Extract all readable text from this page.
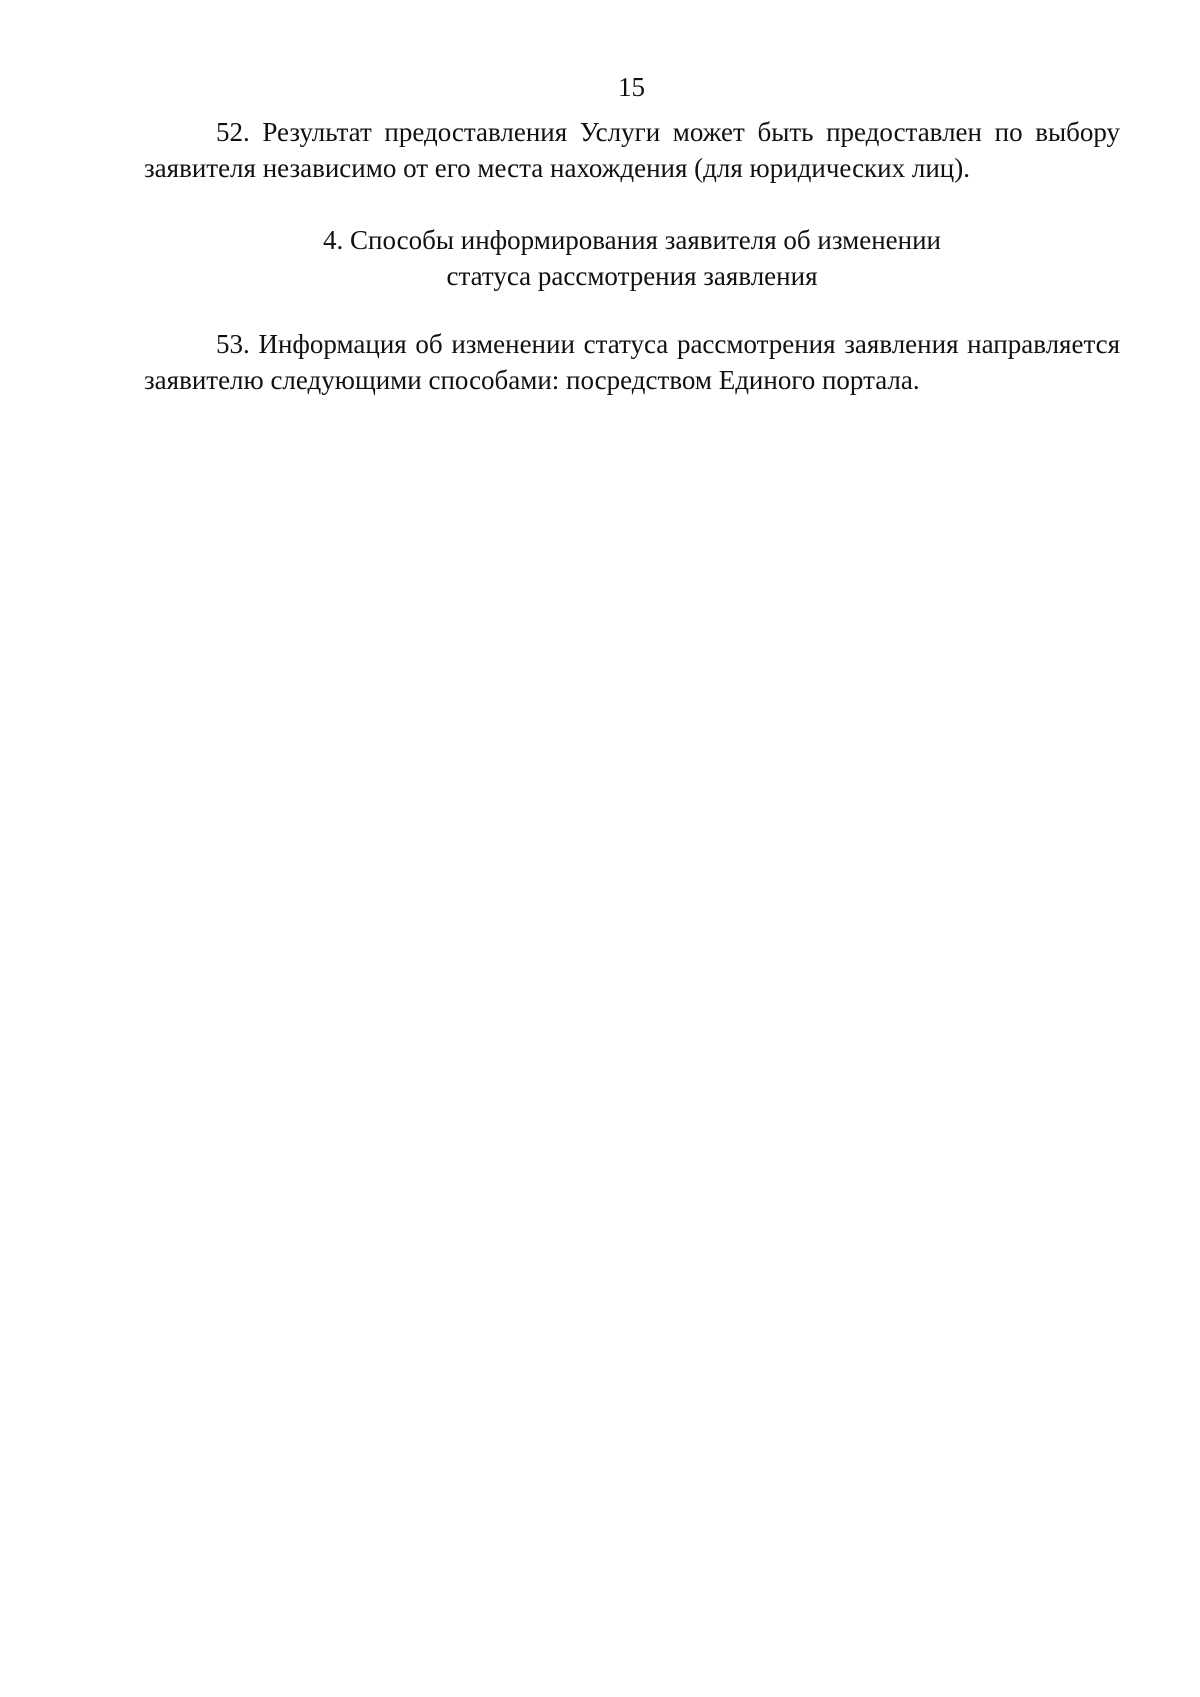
15

52. Результат предоставления Услуги может быть предоставлен по выбору заявителя независимо от его места нахождения (для юридических лиц).

4. Способы информирования заявителя об изменении
статуса рассмотрения заявления

53. Информация об изменении статуса рассмотрения заявления направляется заявителю следующими способами: посредством Единого портала.
